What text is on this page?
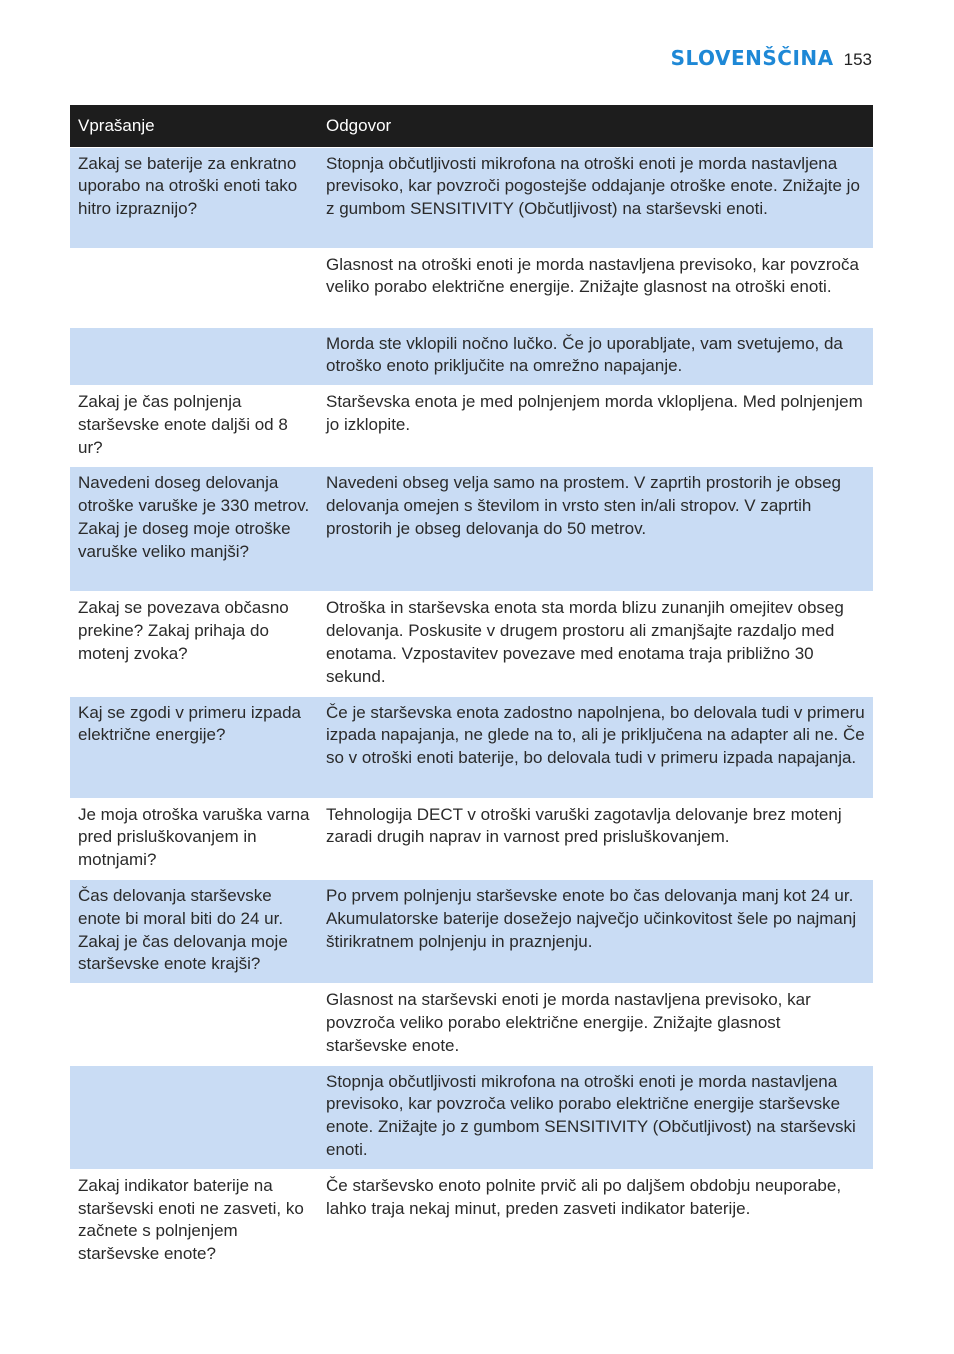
SLOVENŠČINA 153
Vprašanje	Odgovor
Zakaj se baterije za enkratno uporabo na otroški enoti tako hitro izpraznijo?	Stopnja občutljivosti mikrofona na otroški enoti je morda nastavljena previsoko, kar povzroči pogostejše oddajanje otroške enote. Znižajte jo z gumbom SENSITIVITY (Občutljivost) na starševski enoti.
	Glasnost na otroški enoti je morda nastavljena previsoko, kar povzroča veliko porabo električne energije. Znižajte glasnost na otroški enoti.
	Morda ste vklopili nočno lučko. Če jo uporabljate, vam svetujemo, da otroško enoto priključite na omrežno napajanje.
Zakaj je čas polnjenja starševske enote daljši od 8 ur?	Starševska enota je med polnjenjem morda vklopljena. Med polnjenjem jo izklopite.
Navedeni doseg delovanja otroške varuške je 330 metrov. Zakaj je doseg moje otroške varuške veliko manjši?	Navedeni obseg velja samo na prostem. V zaprtih prostorih je obseg delovanja omejen s številom in vrsto sten in/ali stropov. V zaprtih prostorih je obseg delovanja do 50 metrov.
Zakaj se povezava občasno prekine? Zakaj prihaja do motenj zvoka?	Otroška in starševska enota sta morda blizu zunanjih omejitev obseg delovanja. Poskusite v drugem prostoru ali zmanjšajte razdaljo med enotama. Vzpostavitev povezave med enotama traja približno 30 sekund.
Kaj se zgodi v primeru izpada električne energije?	Če je starševska enota zadostno napolnjena, bo delovala tudi v primeru izpada napajanja, ne glede na to, ali je priključena na adapter ali ne. Če so v otroški enoti baterije, bo delovala tudi v primeru izpada napajanja.
Je moja otroška varuška varna pred prisluškovanjem in motnjami?	Tehnologija DECT v otroški varuški zagotavlja delovanje brez motenj zaradi drugih naprav in varnost pred prisluškovanjem.
Čas delovanja starševske enote bi moral biti do 24 ur. Zakaj je čas delovanja moje starševske enote krajši?	Po prvem polnjenju starševske enote bo čas delovanja manj kot 24 ur. Akumulatorske baterije dosežejo največjo učinkovitost šele po najmanj štirikratnem polnjenju in praznjenju.
	Glasnost na starševski enoti je morda nastavljena previsoko, kar povzroča veliko porabo električne energije. Znižajte glasnost starševske enote.
	Stopnja občutljivosti mikrofona na otroški enoti je morda nastavljena previsoko, kar povzroča veliko porabo električne energije starševske enote. Znižajte jo z gumbom SENSITIVITY (Občutljivost) na starševski enoti.
Zakaj indikator baterije na starševski enoti ne zasveti, ko začnete s polnjenjem starševske enote?	Če starševsko enoto polnite prvič ali po daljšem obdobju neuporabe, lahko traja nekaj minut, preden zasveti indikator baterije.
